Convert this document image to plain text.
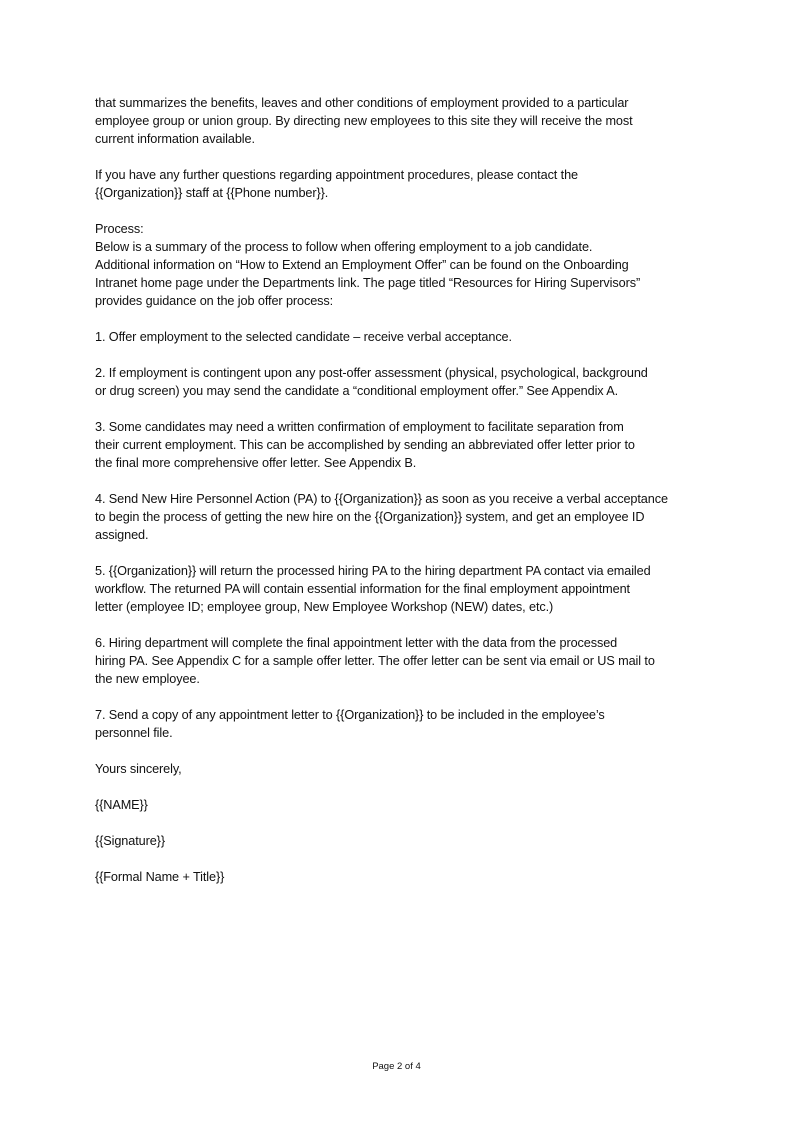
that summarizes the benefits, leaves and other conditions of employment provided to a particular
employee group or union group. By directing new employees to this site they will receive the most
current information available.

If you have any further questions regarding appointment procedures, please contact the
{{Organization}} staff at {{Phone number}}.

Process:
Below is a summary of the process to follow when offering employment to a job candidate.
Additional information on “How to Extend an Employment Offer” can be found on the Onboarding
Intranet home page under the Departments link. The page titled “Resources for Hiring Supervisors”
provides guidance on the job offer process:

1. Offer employment to the selected candidate – receive verbal acceptance.

2. If employment is contingent upon any post-offer assessment (physical, psychological, background
or drug screen) you may send the candidate a “conditional employment offer.” See Appendix A.

3. Some candidates may need a written confirmation of employment to facilitate separation from
their current employment. This can be accomplished by sending an abbreviated offer letter prior to
the final more comprehensive offer letter. See Appendix B.

4. Send New Hire Personnel Action (PA) to {{Organization}} as soon as you receive a verbal acceptance
to begin the process of getting the new hire on the {{Organization}} system, and get an employee ID
assigned.

5. {{Organization}} will return the processed hiring PA to the hiring department PA contact via emailed
workflow. The returned PA will contain essential information for the final employment appointment
letter (employee ID; employee group, New Employee Workshop (NEW) dates, etc.)

6. Hiring department will complete the final appointment letter with the data from the processed
hiring PA. See Appendix C for a sample offer letter. The offer letter can be sent via email or US mail to
the new employee.

7. Send a copy of any appointment letter to {{Organization}} to be included in the employee’s
personnel file.

Yours sincerely,

{{NAME}}

{{Signature}}

{{Formal Name + Title}}

Page 2 of 4
